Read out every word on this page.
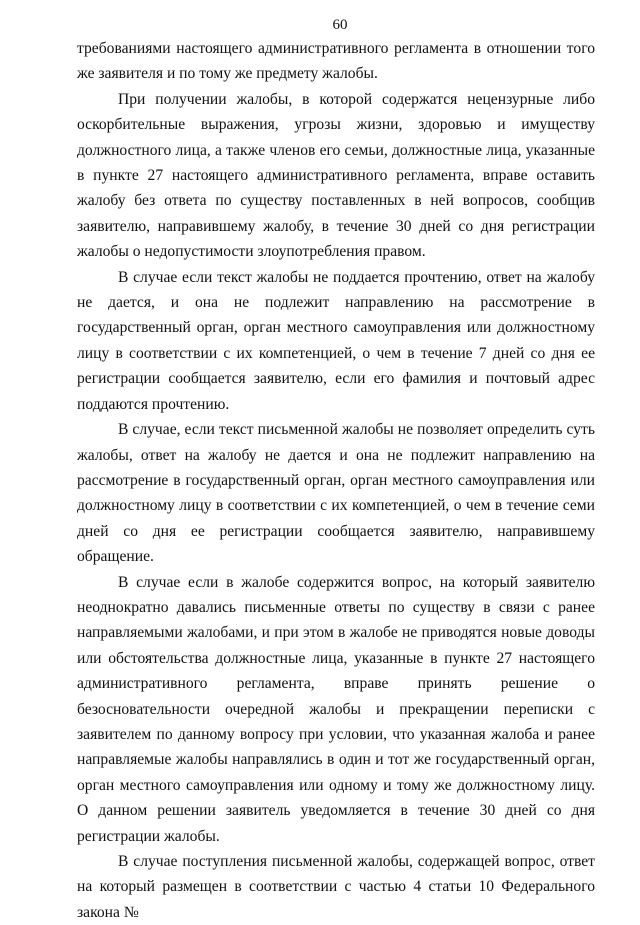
60

требованиями настоящего административного регламента в отношении того же заявителя и по тому же предмету жалобы.

При получении жалобы, в которой содержатся нецензурные либо оскорбительные выражения, угрозы жизни, здоровью и имуществу должностного лица, а также членов его семьи, должностные лица, указанные в пункте 27 настоящего административного регламента, вправе оставить жалобу без ответа по существу поставленных в ней вопросов, сообщив заявителю, направившему жалобу, в течение 30 дней со дня регистрации жалобы о недопустимости злоупотребления правом.

В случае если текст жалобы не поддается прочтению, ответ на жалобу не дается, и она не подлежит направлению на рассмотрение в государственный орган, орган местного самоуправления или должностному лицу в соответствии с их компетенцией, о чем в течение 7 дней со дня ее регистрации сообщается заявителю, если его фамилия и почтовый адрес поддаются прочтению.

В случае, если текст письменной жалобы не позволяет определить суть жалобы, ответ на жалобу не дается и она не подлежит направлению на рассмотрение в государственный орган, орган местного самоуправления или должностному лицу в соответствии с их компетенцией, о чем в течение семи дней со дня ее регистрации сообщается заявителю, направившему обращение.

В случае если в жалобе содержится вопрос, на который заявителю неоднократно давались письменные ответы по существу в связи с ранее направляемыми жалобами, и при этом в жалобе не приводятся новые доводы или обстоятельства должностные лица, указанные в пункте 27 настоящего административного регламента, вправе принять решение о безосновательности очередной жалобы и прекращении переписки с заявителем по данному вопросу при условии, что указанная жалоба и ранее направляемые жалобы направлялись в один и тот же государственный орган, орган местного самоуправления или одному и тому же должностному лицу. О данном решении заявитель уведомляется в течение 30 дней со дня регистрации жалобы.

В случае поступления письменной жалобы, содержащей вопрос, ответ на который размещен в соответствии с частью 4 статьи 10 Федерального закона №
